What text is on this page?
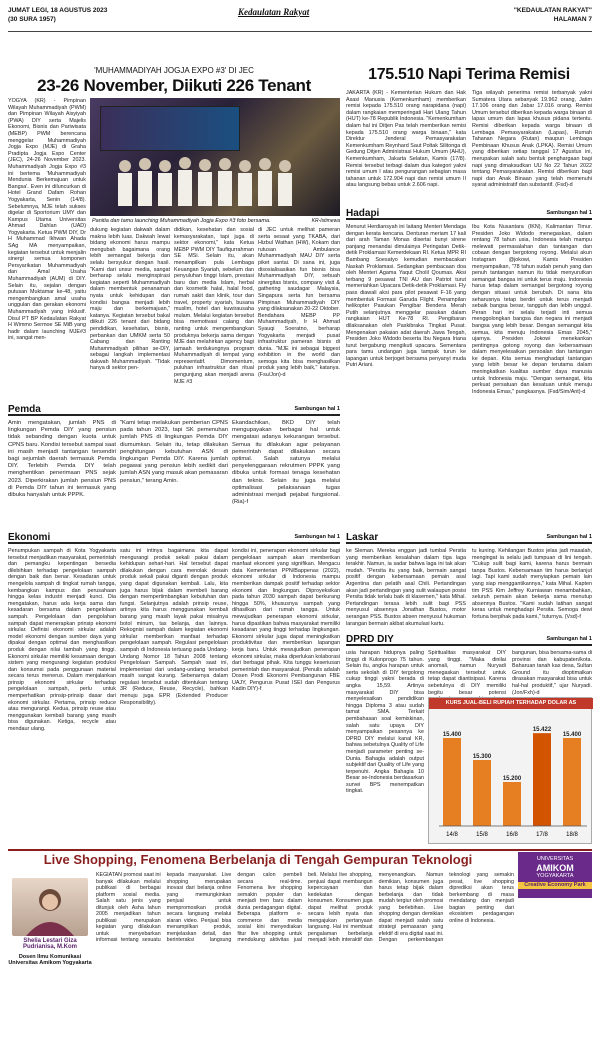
JUMAT LEGI, 18 AGUSTUS 2023
(30 SURA 1957)
Kedaulatan Rakyat	"KEDAULATAN RAKYAT"
HALAMAN 7
'MUHAMMADIYAH JOGJA EXPO #3' DI JEC
23-26 November, Diikuti 226 Tenant
YOGYA (KR) - Pimpinan Wilayah Muhammadiyah (PWM) dan Pimpinan Wilayah Aisyiyah (PWA) DIY serta Majelis Ekonomi, Bisnis dan Pariwisata (MEBP) PWM berencana menggelar Muhammadiyah Jogja Expo (MJE) di Graha Pradipta Jogja Expo Center (JEC), 24-26 November 2023. Muhammadiyah Jogja Expo #3 ini bertema 'Muhammadiyah Mendunia Berkemajuan untuk Bangsa'. Even ini diluncurkan di Hotel Grand Dafam Rohan Yogyakarta, Senin (14/8). Sebelumnya, MJE telah sukses digelar di Sportorium UMY dan Kampus Utama Universitas Ahmad Dahlan (UAD) Yogyakarta. Ketua PWM DIY, Dr H Muhammad Ikhwan Ahada SAg MA menyampaikan, kegiatan tersebut untuk menjalin sinergi semua komponen Persyarikatan Muhammadiyah dan Amal Usaha Muhammadiyah (AUM) di DIY. Selain itu, sejalan dengan putusan Muktamar ke-48, yaitu mengembangkan amal usaha unggulan dan gerakan ekonomi Muhammadiyah yang inklusif. Disul PT BP Kedaulatan Rakyat H Wimmo Sermoe SE MiB yang hadir dalam launching MJE#3 ini, sangat men-
Panitia dan tamu launching Muhammadiyah Jogja Expo #3 foto bersama.	KR-Istimewa
dukung kegiatan dakwah dalam makna lebih luas. Dakwah lewat bidang ekonomi harus mampu mengubah bagaimana orang lebih semangat bekerja dan selalu bersyukur dengan hasil. "Kami dari unsur media, sangat berharap selalu menginspirasi kegiatan seperti Muhammadiyah dalam membentuk penanaman nyata untuk kehidupan dan kondisi bangsa menjadi lebih maju dan berkemajuan," katanya. Kegiatan tersebut bakal diikuti 226 tenant dari bidang pendidikan, kesehatan, bisnis, perbankan dan UMKM serta 50 Cabang dan Ranting Muhammadiyah pilihan se-DIY, sebagai langkah implementasi dakwah Muhammadiyah. "Tidak hanya di sektor pen-
didikan, kesehatan dan sosial kemasyarakatan, tapi juga di sektor ekonomi," kata Ketua MEBP PWM DIY Taufiqurrahman SE MSi. Selain itu, akan menampilkan pula Lembaga Keuangan Syariah, sebelum dan penyuluhan tinggi Islam, prestasi baru dan media Islam, herbal dan kosmetik halal, halal food, rumah sakit dan klinik, tour dan travel, property syariah, busana muslim, hotel dan kuwirausaha mulam. Melalui kegiatan tersebut bisa memotivasi calang dan ranting untuk mengembangkan produknya bekerja sama dengan MJE dan melahirkan agency bagi jamaah terdukungnya program Muhammadiyah di tempat yang representatif. Dimomentum, puluhan infrastruktur dan ritual pengunjung akan menjadi arena MJE #3
di JEC untuk melihat pameran serta sesaat yang TKABA, dari Hizbul Wathan (HW), Kokam dan rutusan Ambulance Muhammadiyah MAU DIY serta piket santai. Di sana ini, juga disosialisasikan fun bisnis bisa Muhammadiyah DIY, sebuah sinergitas bisnis, company visit & gathering saudagar Malaysia, Singapura serta fun bersama Pimpinan Muhammadiyah DIY yang dilaksanakan 20-22 Oktober. Bendahara MEBP PP Muhammadiyah, Ir H Ahmad Syauqi Soeratno, berharap Yogyakarta menjadi pusat infrastruktur pameran bisnis di dunia. "MJE ini sebagai biggest exhibition in the world dan semoga kita bisa menghasilkan produk yang lebih baik," katanya. (Fsu/Jon)-d
175.510 Napi Terima Remisi
JAKARTA (KR) - Kementerian Hukum dan Hak Asasi Manusia (Kemenkumham) memberikan remisi kepada 175.510 orang narapidana (napi) dalam rangkaian memperingati Hari Ulang Tahun (HUT) ke-78 Republik Indonesia. "Kemenkumham dalam hal ini Ditjen Pas telah memberikan remisi kepada 175.510 orang warga binaan," kata Direktur Jenderal Pemasyarakatan Kemenkumham Reynhard Saut Poltak Silitonga di Gedung Ditjen Administrasi Hukum Umum (AHU), Kemenkumham, Jakarta Selatan, Kamis (17/8). Remisi tersebut terbagi dalam dua kategori yakni remisi umum I atau pengurangan sebagian masa tahanan untuk 172.904 napi dan remisi umum II atau langsung bebas untuk 2.606 napi.
Tiga wilayah penerima remisi terbanyak yakni Sumatera Utara sebanyak 19.962 orang, Jatim 17.106 orang dan Jabar 17.016 orang. Remisi Umum tersebut diberikan kepada warga binaan di lapas umum dan lapas khusus pidana tertentu. Remisi diberikan kepada warga binaan di Lembaga Pemasyarakatan (Lapas), Rumah Tahanan Negara (Rutan) maupun Lembaga Pembinaan Khusus Anak (LPKA). Remisi Umum yang diberikan setiap tanggal 17 Agustus ini, merupakan salah satu bentuk penghargaan bagi napi yang dimaksudkan UU No 22 Tahun 2022 tentang Pemasyarakatan. Remisi diberikan bagi napi dan Anak Binaan yang telah memenuhi syarat administratif dan substantif. (Fsd)-d
Hadapi	Sambungan hal 1
Menurut Herdiansyah ini Iaitang Menteri Mendaga dengan kerata kencana. Denturan meriam 17 kali dari arah Taman Monas disertai bunyi sirene panjang menandai dimulainya Peringatan Detik-detik Proklamasi Kemerdekaan RI. Ketua MPR RI Bambang Soesatyo kemudian membacakan Naskah Proklamasi. Sedangkan pembacaan doa oleh Menteri Agama Yaqut Cholil Qoumas. Aksi terbang 9 pesawat TNI AU dan Patriot turut memeriahkan Upacara Detik-detik Proklamasi. Fly pass diawali aksi para pilot pesawat F-16 yang membentuk Formasi Garuda Flight. Penampilan helikopter Pasukan Pengibar Bendera Merah Putih selanjutnya menggelar pasukan dalam rangkaian HUT Ke-78 RI. Pengibaran dilaksanakan oleh Paskibraka Tingkat Pusat. Mengenakan pakaian adat daerah Jawa Tengah, Presiden Joko Widodo beserta Ibu Negara Iriana turut bergabung mengikuti upacara. Sementara para tamu undangan juga tampak turun ke lapangan untuk berjoget bersama penyanyi muda Putri Ariani.
Ibu Kota Nusantara (IKN), Kalimantan Timur. Presiden Joko Widodo menegaskan, dalam rentang 78 tahun usia, Indonesia telah mampu melewati permasalahan dan tantangan dan cobaan dengan bergotong royong. Melalui akun Instagram @jokowi, Kamis Presiden menyampaikan, "78 tahun sudah penuh yang dan penuh tantangan namun itu tidak menyurutkan semangat bangsa ini untuk terus maju. Indonesia harus tetap dalam semangat bergotong royong dengan situasi untuk berubah. Di sana kita seharusnya tetap berdiri untuk terus menjadi sebaik bangsa besar, tangguh dan lebih unggul. Peran hari ini selalu terjadi inti semua menggolongkan bangsa dan negara ini menjadi bangsa yang lebih besar. Dengan semangat kita semua, kita menuju Indonesia Emas 2045," ujarnya. Presiden Jokowi menekankan pentingnya gotong royong dan kebersamaan dalam menyelesaikan persoalan dan tantangan ke depan. Kita semua menghadapi tantangan yang lebih besar ke depan terutama dalam meningkatkan kualitas sumber daya manusia untuk Indonesia maju. "Dengan semangat, kita perkuat persatuan dan kesatuan untuk menuju Indonesia Emas," pungkasnya. (Fsd/Sim/Ant)-d
Pemda	Sambungan hal 1
Amin mengatakan, jumlah PNS di lingkungan Pemda DIY yang pensiun tidak sebanding dengan kuota untuk CPNS baru. Kondisi tersebut sampai saat ini masih menjadi tantangan tersendiri bagi sejumlah daerah termasuk Pemda DIY. Terlebih Pemda DIY telah menghentikan penerimaan PNS sejak 2023. Diperkirakan jumlah pensiun PNS di Pemda DIY tahun ini termasuk yang dibuka hanyalah untuk PPPK.
"Kami tetap melakukan pemberian CPNS pada tahun 2023, tapi SK pemenuhan jumlah PNS di lingkungan Pemda DIY diumumkan. Selain itu, tetap dilakukan penghitungan kebutuhan ASN di lingkungan Pemda DIY. Karena jumlah pegawai yang pensiun lebih sedikit dari jumlah ASN yang masuk akan pemasaran pensiun," terang Amin.
Ekandachikan, BKD DIY telah mengupayakan berbagai hal untuk mengatasi adanya kekurangan tersebut. Semua itu dilakukan agar pelayanan pemerintah dapat dilakukan secara optimal. Salah satunya melalui penyelenggaraan rekrutmen PPPK yang dibuka untuk formasi tenaga kesehatan dan teknis. Selain itu juga melalui optimalisasi pelaksanaan tugas administrasi menjadi pejabat fungsional. (Ria)-f
Ekonomi	Sambungan hal 1
Penumpukan sampah di Kota Yogyakarta tersebut menjadikan masyarakat, pemerintah dan pemangku kepentingan bersedia dilebihkan terhadap pengelolaan sampah dengan baik dan benar. Kesadaran untuk mengelola sampah di tingkat rumah tangga, kembangkan kampus dan perusahaan hingga kelas industri menjadi kunci. Dia mengatakan, harus ada kerja sama dan kesadaran bersama dalam pengelolaan sampah. Pengelolaan dan pengolahan sampah dapat menerapkan prinsip ekonomi sirkular. Definisi ekonomi sirkular adalah model ekonomi dengan sumber daya yang dipakai dengan optimal dan menghasilkan produk dengan nilai tambah yang tinggi. Ekonomi sirkular memiliki kesamaan dengan sistem yang mengurangi kegiatan produksi dan konsumsi pada penggunaan material secara terus menerus. Dalam menjalankan prinsip ekonomi sirkular terhadap pengelolaan sampah, perlu untuk memperhatikan prinsip-prinsip dasar dari ekonomi sirkular. Pertama, prinsip reduce atau mengurangi. Kedua, prinsip reuse atau menggunakan kembali barang yang masih bisa digunakan. Ketiga, recycle atau mendaur ulang.
satu ini intinya bagaimana kita dapat mengurangi produk sekali pakai dalam kehidupan sehari-hari. Hal tersebut dapat dilakukan dengan cara menolak desain produk sekali pakai diganti dengan produk yang dapat digunakan kembali. Lalu, kita juga harus bijak dalam membeli barang dengan mempertimbangkan kebutuhan dan fungsi. Selanjutnya adalah prinsip reuse, artinya kita harus menggunakan kembali barang yang masih layak pakai misalnya botol minum, tas belanja, dan lainnya. Rekognisi sampah dalam kegiatan ekonomi sirkular memberikan manfaat terhadap pengelolaan sampah. Regulasi pengelolaan sampah di Indonesia tertuang pada Undang-Undang Nomor 18 Tahun 2008 tentang Pengelolaan Sampah. Sampah saat ini, implementasi dari undang-undang tersebut masih sangat kurang. Sebenarnya dalam regulasi tersebut sudah ditentukan tentang 3R (Reduce, Reuse, Recycle), bahkan menuju juga EPR (Extended Producer Responsibility).
kondisi ini, penerapan ekonomi sirkular bagi pengelolaan sampah akan memberikan manfaat ekonomi yang signifikan. Mengacu data Kementerian PPN/Bappenas (2022), ekonomi sirkular di Indonesia mampu memberikan dampak positif terhadap sektor ekonomi dan lingkungan. Diproyeksikan pada tahun 2030 sampah dapat berkurang hingga 50%, khususnya sampah yang dihasilkan dari rumah tangga. Untuk mewujudkan penerapan ekonomi sirkular, harus dipastikan bahwa masyarakat memiliki kesadaran yang tinggi terhadap lingkungan. Ekonomi sirkular juga dapat meningkatkan produktivitas dan memberikan lapangan kerja baru. Untuk mewujudkan penerapan ekonomi sirkular, maka diperlukan kolaborasi dari berbagai pihak. Kita tunggu keseriusan pemerintah dan masyarakat. (Penulis adalah Dosen Prodi Ekonomi Pembangunan FBE UAJY, Pengurus Pusat ISEI dan Pengurus Kadin DIY)-f
Laskar	Sambungan hal 1
ke Sleman. Mereka enggan jadi tumbal Persita yang memberikan kesalahan dalam tiga laga terakhir. Namun, ia sadar bahwa laga ini tak akan mudah. "Persita itu yang baik, bermain sangat positif dengan kebersamaan pemain asal Argentina dan pelatih asal Chili. Pertandingan akan jadi pertandingan yang sulit walaupun posisi Persita tidak terlalu baik di klasemen," kata Mihal. Pertandingan terasa lebih sulit bagi PSS menyusul absennya Jonathan Bustos, motor serangan PSS. Bustos absen menyusul hukuman larangan bermain akibat akumulasi kartu.
tu kuning. Kehilangan Bustos jelas jadi masalah, mengingat ia selalu jadi tumpuan di lini tengah. "Cukup sulit bagi kami, karena harus bermain tanpa Bustos. Kebersamaan tim harus berlanjut lagi. Tapi kami sudah menyiapkan pemain lain yang siap menggantikannya," kata Mihal. Kapten tim PSS Kim Jeffrey Kurniawan menambahkan, seluruh pemain akan bekerja sama menutup absennya Bustos. "Kami sudah latihan sangat keras untuk menghadapi Persita. Semoga dewi fortuna berpihak pada kami," tuturnya. (Vsd)-f
DPRD DIY	Sambungan hal 1
usia harapan hidupnya paling tinggi di Kulonprogo 75 tahun. Selain itu, angka harapan untuk serta sekolah di DIY tergolong cukup tinggi yakni berada di angka 15,59. Artinya masyarakat DIY bisa menyelesaikan pendidikan hingga Diploma 3 atau sudah tamat SMA. Terkait pembahasan soal kemiskinan, salah satu upaya DIY menyampaikan pesannya ke DPRD DIY melalui kanal KR, bahwa sebetulnya Quality of Life menjadi parameter penting se-Dunia. Bahagia adalah output subjektif dari Quality of Life yang terpenuhi. Angka Bahagia 10 Besar se-Indonesia berdasarkan survei BPS menempatkan tingkat.
Spiritualitas masyarakat DIY yang tinggi. "Maka dinilai anomali, namun Nuryadi menegaskan tersebut untuk tetap dapat diantisipasi. Karena sebetulnya di DIY memiliki begitu besar potensi
bangunan, bisa bersama-sama di provinsi dan kabupaten/kota. Baharuan tanah kas desa, Sultan Ground itu dioptimalkan dirasakan masyarakat bisa untuk hal-hal produktif," ujar Nuryadi. (Jon/Fxh)-d
KURS JUAL-BELI RUPIAH TERHADAP DOLAR AS
15.400
14/8
15.300
15/8
15.200
16/8
15.422
17/8
15.400
18/8
Live Shopping, Fenomena Berbelanja di Tengah Gempuran Teknologi	UNIVERSITAS
AMIKOM
YOGYAKARTA
Creative Economy Park
Shelia Lestari Giza Pudrianisa, M.Kom
Dosen Ilmu Komunikasi Universitas Amikom Yogyakarta
KEGIATAN promosi saat ini banyak dilakukan melalui publikasi di berbagai platform sosial media. Salah satu jenis yang ditunjuk oleh Asha lahun 2005 menjadikan tahun publikasi merupakan kegiatan yang dilakukan untuk menyebarkan informasi tentang sesuatu kepada masyarakat. Live shopping merupakan inovasi dari belanja online yang memungkinkan penjual untuk mempromosikan produk secara langsung melalui siaran video. Penjual bisa menampilkan produk, menjelaskan detail, dan berinteraksi langsung dengan calon pembeli secara real-time. Fenomena live shopping semakin populer dan menjadi tren baru dalam dunia perdagangan digital. Beberapa platform e-commerce dan media sosial kini menyediakan fitur live shopping untuk mendukung aktivitas jual beli. Melalui live shopping, penjual dapat membangun kepercayaan dan kedekatan dengan konsumen. Konsumen juga dapat melihat produk secara lebih nyata dan mengajukan pertanyaan langsung. Hal ini membuat pengalaman berbelanja menjadi lebih interaktif dan menyenangkan. Namun demikian, konsumen juga harus tetap bijak dalam berbelanja dan tidak mudah tergiur oleh promosi yang berlebihan. Live shopping dengan demikian dapat menjadi salah satu strategi pemasaran yang efektif di era digital saat ini. Dengan perkembangan teknologi yang semakin pesat, live shopping diprediksi akan terus berkembang di masa mendatang dan menjadi bagian penting dari ekosistem perdagangan online di Indonesia.
